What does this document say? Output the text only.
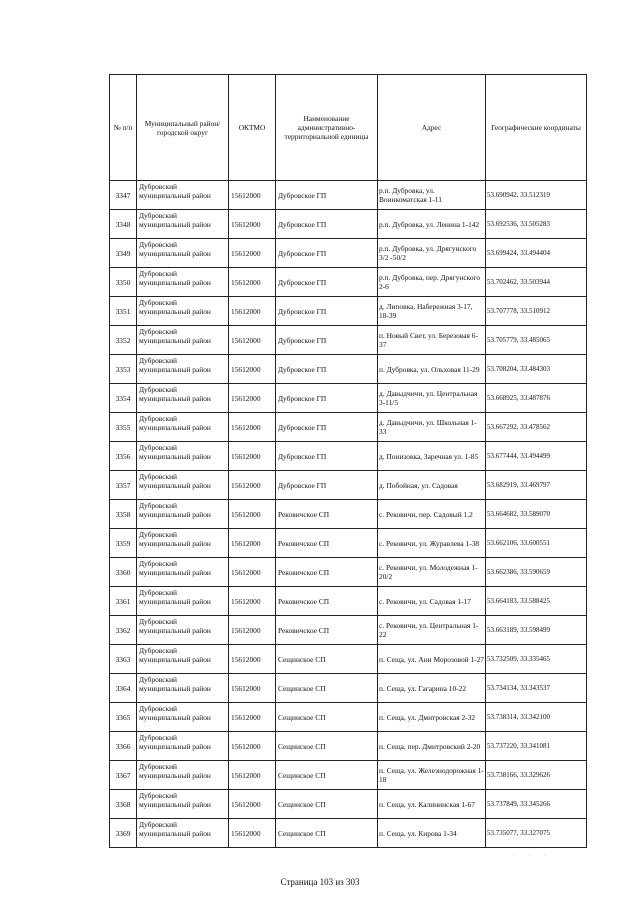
№ п/п	Муниципальный район/городской округ	ОКТМО	Наименование административно-территориальной единицы	Адрес	Географические координаты
3347	Дубровский муниципальный район	15612000	Дубровское ГП	р.п. Дубровка, ул. Воинкоматская 1-11	53.690942, 33.512319
3348	Дубровский муниципальный район	15612000	Дубровское ГП	р.п. Дубровка, ул. Ленина 1-142	53.692536, 33.505283
3349	Дубровский муниципальный район	15612000	Дубровское ГП	р.п. Дубровка, ул. Дрягунского 3/2 -50/2	53.699424, 33.494404
3350	Дубровский муниципальный район	15612000	Дубровское ГП	р.п. Дубровка, пер. Дрягунского 2-6	53.702462, 33.503944
3351	Дубровский муниципальный район	15612000	Дубровское ГП	д. Липовка, Набережная 3-17, 18-39	53.707778, 33.510912
3352	Дубровский муниципальный район	15612000	Дубровское ГП	п. Новый Свет, ул. Березовая 6-37	53.705779, 33.485065
3353	Дубровский муниципальный район	15612000	Дубровское ГП	п. Дубровка, ул. Ольховая 11-29	53.708204, 33.484303
3354	Дубровский муниципальный район	15612000	Дубровское ГП	д. Давыдчичи, ул. Центральная 3-11/5	53.668925, 33.487876
3355	Дубровский муниципальный район	15612000	Дубровское ГП	д. Давыдчичи, ул. Школьная 1-33	53.667292, 33.478562
3356	Дубровский муниципальный район	15612000	Дубровское ГП	д. Понизовка, Заречная ул. 1-85	53.677444, 33.494499
3357	Дубровский муниципальный район	15612000	Дубровское ГП	д. Побойная, ул. Садовая	53.682919, 33.469797
3358	Дубровский муниципальный район	15612000	Рековичское СП	с. Рековичи, пер. Садовый 1,2	53.664682, 33.589070
3359	Дубровский муниципальный район	15612000	Рековичское СП	с. Рековичи, ул. Журавлева 1-38	53.662106, 33.600551
3360	Дубровский муниципальный район	15612000	Рековичское СП	с. Рековичи, ул. Молодежная 1-20/2	53.662386, 33.590659
3361	Дубровский муниципальный район	15612000	Рековичское СП	с. Рековичи, ул. Садовая 1-17	53.664183, 33.588425
3362	Дубровский муниципальный район	15612000	Рековичское СП	с. Рековичи, ул. Центральная 1-22	53.663189, 33.598499
3363	Дубровский муниципальный район	15612000	Сещинское СП	п. Сеща, ул. Ани Морозовой 1-27	53.732509, 33.335465
3364	Дубровский муниципальный район	15612000	Сещинское СП	п. Сеща, ул. Гагарина 10-22	53.734134, 33.343537
3365	Дубровский муниципальный район	15612000	Сещинское СП	п. Сеща, ул. Дмитровская 2-32	53.738314, 33.342100
3366	Дубровский муниципальный район	15612000	Сещинское СП	п. Сеща, пер. Дмитровский 2-20	53.737220, 33.341081
3367	Дубровский муниципальный район	15612000	Сещинское СП	п. Сеща, ул. Железнодорожная 1-18	53.738166, 33.329626
3368	Дубровский муниципальный район	15612000	Сещинское СП	п. Сеща, ул. Калининская 1-67	53.737849, 33.345266
3369	Дубровский муниципальный район	15612000	Сещинское СП	п. Сеща, ул. Кирова 1-34	53.735077, 33.327075
· · ·
Страница 103 из 303
